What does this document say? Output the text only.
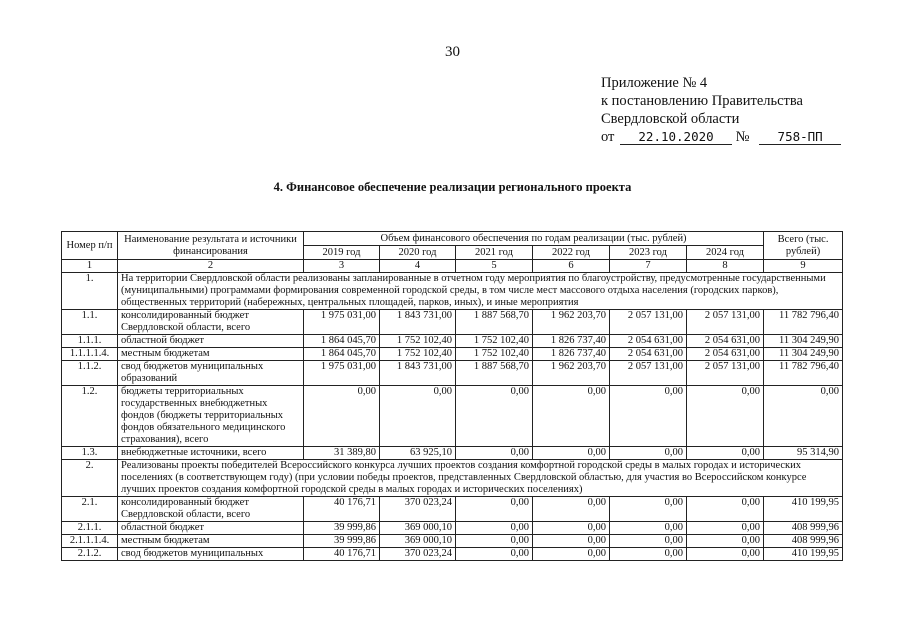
30
Приложение № 4
к постановлению Правительства
Свердловской области
от 22.10.2020 № 758-ПП
4. Финансовое обеспечение реализации регионального проекта
Номер п/п	Наименование результата и источники финансирования	Объем финансового обеспечения по годам реализации (тыс. рублей)						Всего (тыс. рублей)
		2019 год	2020 год	2021 год	2022 год	2023 год	2024 год	
1	2	3	4	5	6	7	8	9
1.	На территории Свердловской области реализованы запланированные в отчетном году мероприятия по благоустройству, предусмотренные государственными (муниципальными) программами формирования современной городской среды, в том числе мест массового отдыха населения (городских парков), общественных территорий (набережных, центральных площадей, парков, иных), и иные мероприятия							
1.1.	консолидированный бюджет Свердловской области, всего	1 975 031,00	1 843 731,00	1 887 568,70	1 962 203,70	2 057 131,00	2 057 131,00	11 782 796,40
1.1.1.	областной бюджет	1 864 045,70	1 752 102,40	1 752 102,40	1 826 737,40	2 054 631,00	2 054 631,00	11 304 249,90
1.1.1.1.4.	местным бюджетам	1 864 045,70	1 752 102,40	1 752 102,40	1 826 737,40	2 054 631,00	2 054 631,00	11 304 249,90
1.1.2.	свод бюджетов муниципальных образований	1 975 031,00	1 843 731,00	1 887 568,70	1 962 203,70	2 057 131,00	2 057 131,00	11 782 796,40
1.2.	бюджеты территориальных государственных внебюджетных фондов (бюджеты территориальных фондов обязательного медицинского страхования), всего	0,00	0,00	0,00	0,00	0,00	0,00	0,00
1.3.	внебюджетные источники, всего	31 389,80	63 925,10	0,00	0,00	0,00	0,00	95 314,90
2.	Реализованы проекты победителей Всероссийского конкурса лучших проектов создания комфортной городской среды в малых городах и исторических поселениях (в соответствующем году) (при условии победы проектов, представленных Свердловской областью, для участия во Всероссийском конкурсе лучших проектов создания комфортной городской среды в малых городах и исторических поселениях)							
2.1.	консолидированный бюджет Свердловской области, всего	40 176,71	370 023,24	0,00	0,00	0,00	0,00	410 199,95
2.1.1.	областной бюджет	39 999,86	369 000,10	0,00	0,00	0,00	0,00	408 999,96
2.1.1.1.4.	местным бюджетам	39 999,86	369 000,10	0,00	0,00	0,00	0,00	408 999,96
2.1.2.	свод бюджетов муниципальных	40 176,71	370 023,24	0,00	0,00	0,00	0,00	410 199,95
